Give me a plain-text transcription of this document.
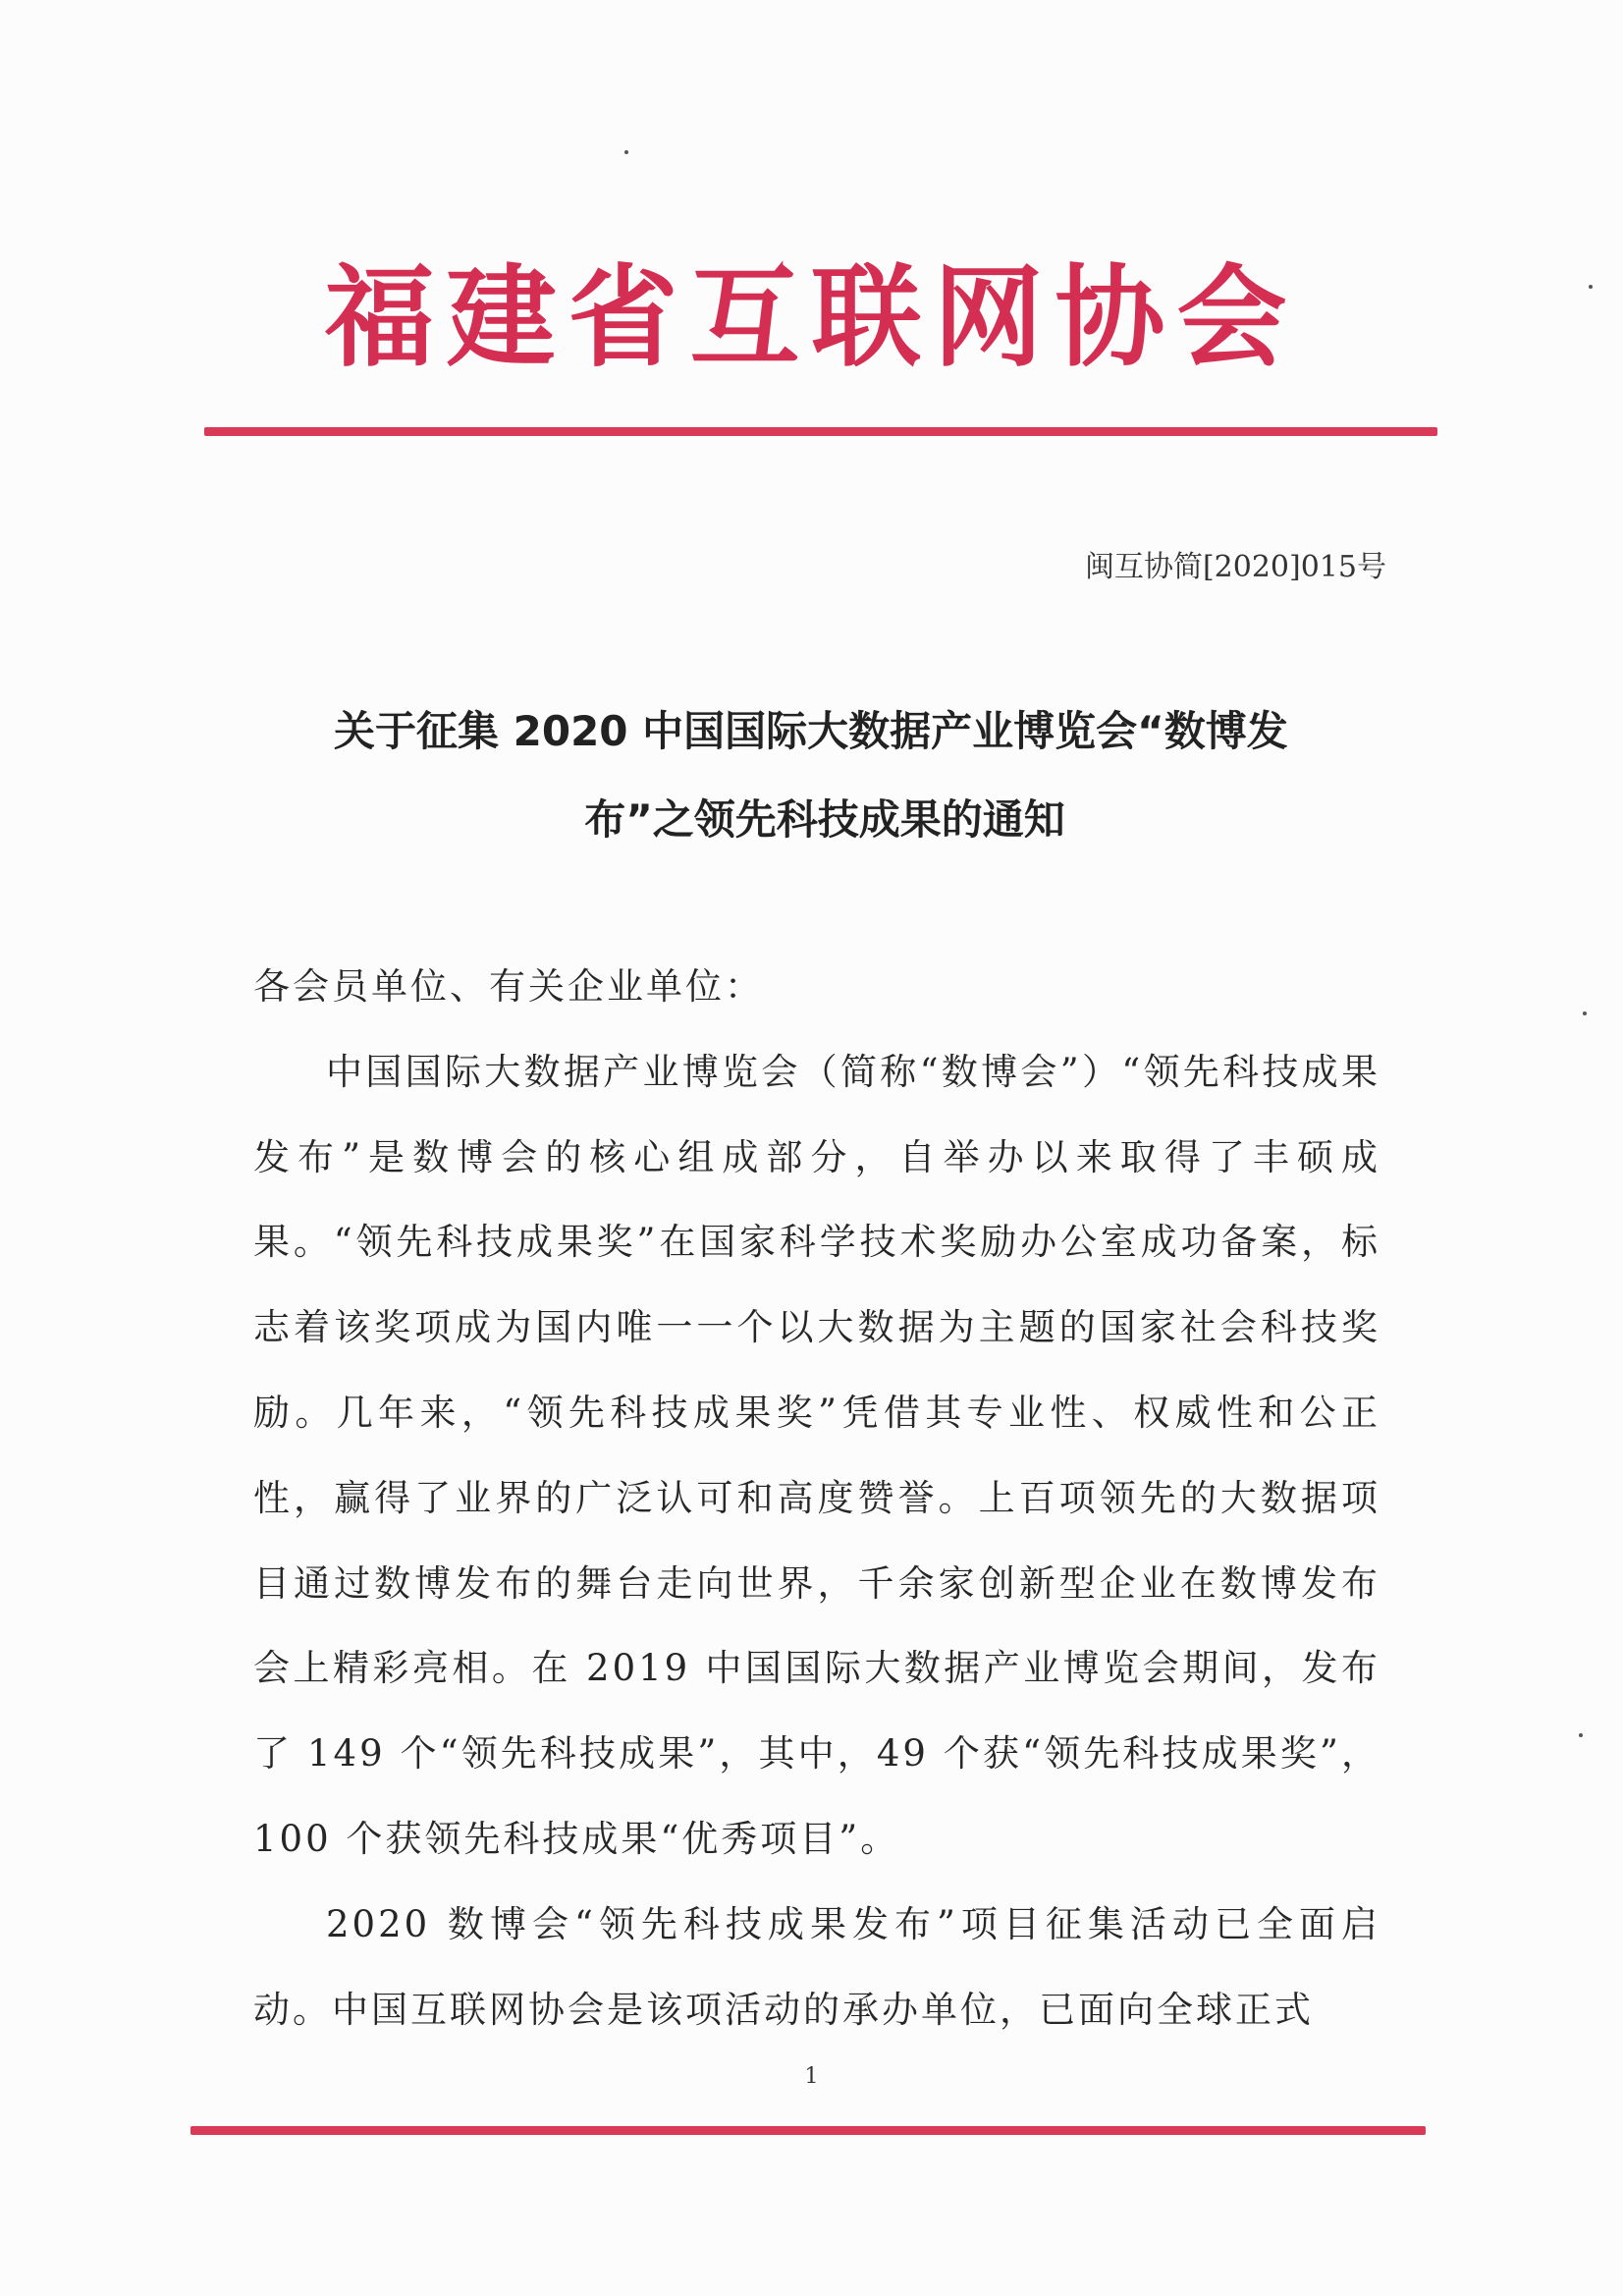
福建省互联网协会
闽互协简[2020]015号
关于征集 2020 中国国际大数据产业博览会“数博发
布”之领先科技成果的通知

各会员单位、有关企业单位：

中国国际大数据产业博览会（简称“数博会”）“领先科技成果发布”是数博会的核心组成部分，自举办以来取得了丰硕成果。“领先科技成果奖”在国家科学技术奖励办公室成功备案，标志着该奖项成为国内唯一一个以大数据为主题的国家社会科技奖励。几年来，“领先科技成果奖”凭借其专业性、权威性和公正性，赢得了业界的广泛认可和高度赞誉。上百项领先的大数据项目通过数博发布的舞台走向世界，千余家创新型企业在数博发布会上精彩亮相。在 2019 中国国际大数据产业博览会期间，发布了 149 个“领先科技成果”，其中，49 个获“领先科技成果奖”，100 个获领先科技成果“优秀项目”。

2020 数博会“领先科技成果发布”项目征集活动已全面启动。中国互联网协会是该项活动的承办单位，已面向全球正式

1
